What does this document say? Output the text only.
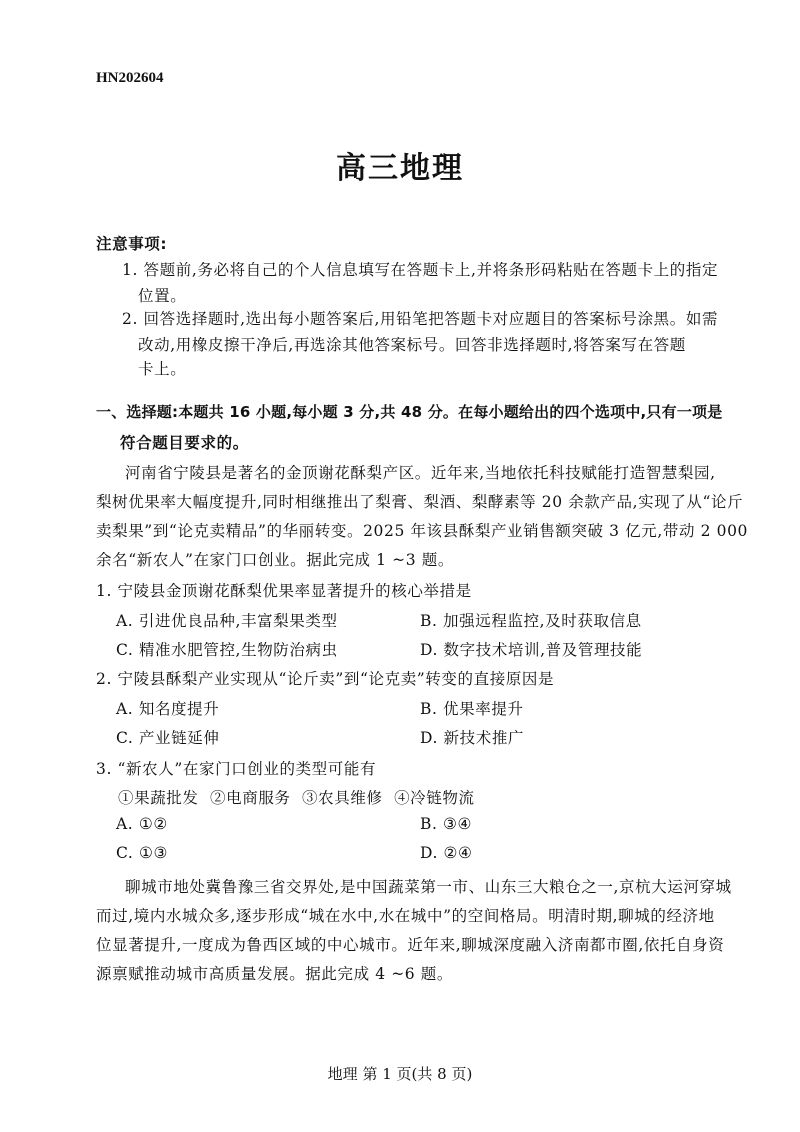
HN202604
高三地理
注意事项:
1. 答题前,务必将自己的个人信息填写在答题卡上,并将条形码粘贴在答题卡上的指定
位置。
2. 回答选择题时,选出每小题答案后,用铅笔把答题卡对应题目的答案标号涂黑。如需
改动,用橡皮擦干净后,再选涂其他答案标号。回答非选择题时,将答案写在答题
卡上。
一、选择题:本题共 16 小题,每小题 3 分,共 48 分。在每小题给出的四个选项中,只有一项是
符合题目要求的。
河南省宁陵县是著名的金顶谢花酥梨产区。近年来,当地依托科技赋能打造智慧梨园,
梨树优果率大幅度提升,同时相继推出了梨膏、梨酒、梨酵素等 20 余款产品,实现了从“论斤
卖梨果”到“论克卖精品”的华丽转变。2025 年该县酥梨产业销售额突破 3 亿元,带动 2 000
余名“新农人”在家门口创业。据此完成 1 ~3 题。
1. 宁陵县金顶谢花酥梨优果率显著提升的核心举措是
A. 引进优良品种,丰富梨果类型	B. 加强远程监控,及时获取信息
C. 精准水肥管控,生物防治病虫	D. 数字技术培训,普及管理技能
2. 宁陵县酥梨产业实现从“论斤卖”到“论克卖”转变的直接原因是
A. 知名度提升	B. 优果率提升
C. 产业链延伸	D. 新技术推广
3. “新农人”在家门口创业的类型可能有
①果蔬批发 ②电商服务 ③农具维修 ④冷链物流
A. ①②	B. ③④
C. ①③	D. ②④
聊城市地处冀鲁豫三省交界处,是中国蔬菜第一市、山东三大粮仓之一,京杭大运河穿城
而过,境内水城众多,逐步形成“城在水中,水在城中”的空间格局。明清时期,聊城的经济地
位显著提升,一度成为鲁西区域的中心城市。近年来,聊城深度融入济南都市圈,依托自身资
源禀赋推动城市高质量发展。据此完成 4 ~6 题。
地理 第 1 页(共 8 页)
